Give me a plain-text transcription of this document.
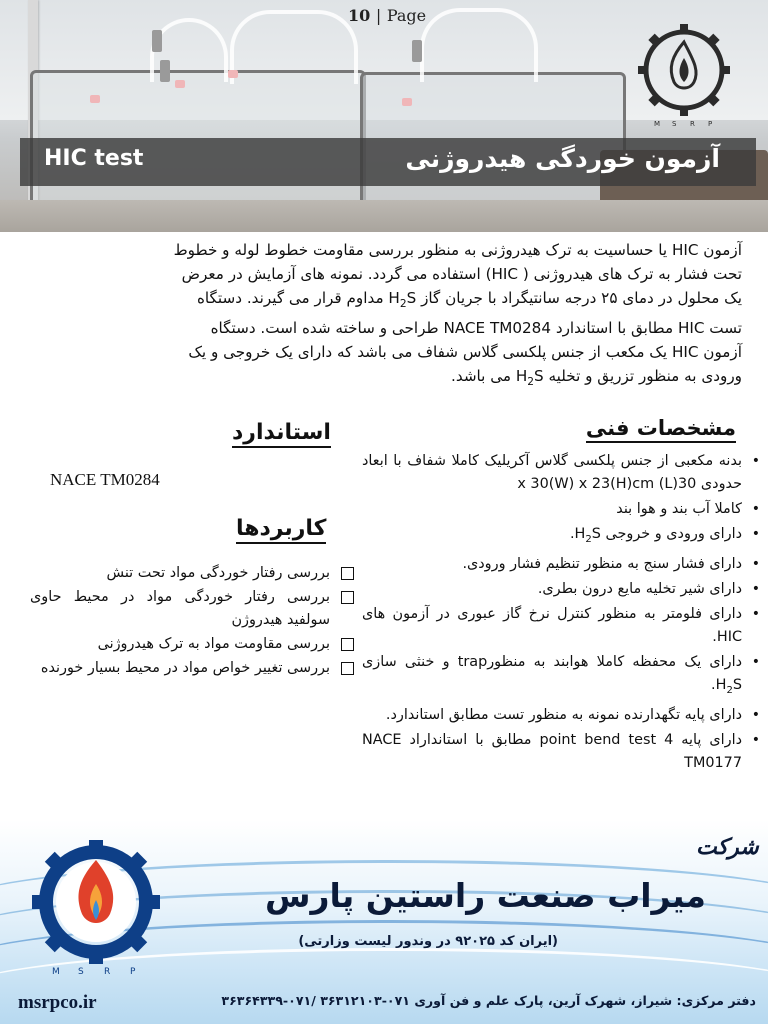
10 | Page
HIC test	آزمون خوردگی هیدروژنی
M S R P
آزمون HIC یا حساسیت به ترک هیدروژنی به منظور بررسی مقاومت خطوط لوله و خطوط
تحت فشار به ترک های هیدروژنی ( HIC) استفاده می گردد. نمونه های آزمایش در معرض
یک محلول در دمای ۲۵ درجه سانتیگراد با جریان گاز $H_2S$ مداوم قرار می گیرند. دستگاه
تست HIC مطابق با استاندارد NACE TM0284 طراحی و ساخته شده است. دستگاه
آزمون HIC یک مکعب از جنس پلکسی گلاس شفاف می باشد که دارای یک خروجی و یک
ورودی به منظور تزریق و تخلیه $H_2S$ می باشد.
مشخصات فنی
•
بدنه مکعبی از جنس پلکسی گلاس آکریلیک کاملا شفاف با ابعاد حدودی 30(L) x 30(W) x 23(H)cm
•
کاملا آب بند و هوا بند
•
دارای ورودی و خروجی $H_2S$.
•
دارای فشار سنج به منظور تنظیم فشار ورودی.
•
دارای شیر تخلیه مایع درون بطری.
•
دارای فلومتر به منظور کنترل نرخ گاز عبوری در آزمون های HIC.
•
دارای یک محفظه کاملا هوابند به منظورtrap و خنثی سازی $H_2S$.
•
دارای پایه تگهدارنده نمونه به منظور تست مطابق استاندارد.
•
دارای پایه 4 point bend test مطابق با استانداراد NACE TM0177
استاندارد
NACE TM0284
کاربردها
بررسی رفتار خوردگی مواد تحت تنش
بررسی رفتار خوردگی مواد در محیط حاوی سولفید هیدروژن
بررسی مقاومت مواد به ترک هیدروژنی
بررسی تغییر خواص مواد در محیط بسیار خورنده
M S R P
شرکت
میراب صنعت راستین پارس
(ایران کد ۹۲۰۲۵ در وندور لیست وزارتی)
دفتر مرکزی: شیراز، شهرک آرین، پارک علم و فن آوری ۰۷۱-۳۶۳۱۲۱۰۳ /۰۷۱-۳۶۳۶۴۳۳۹
msrpco.ir
